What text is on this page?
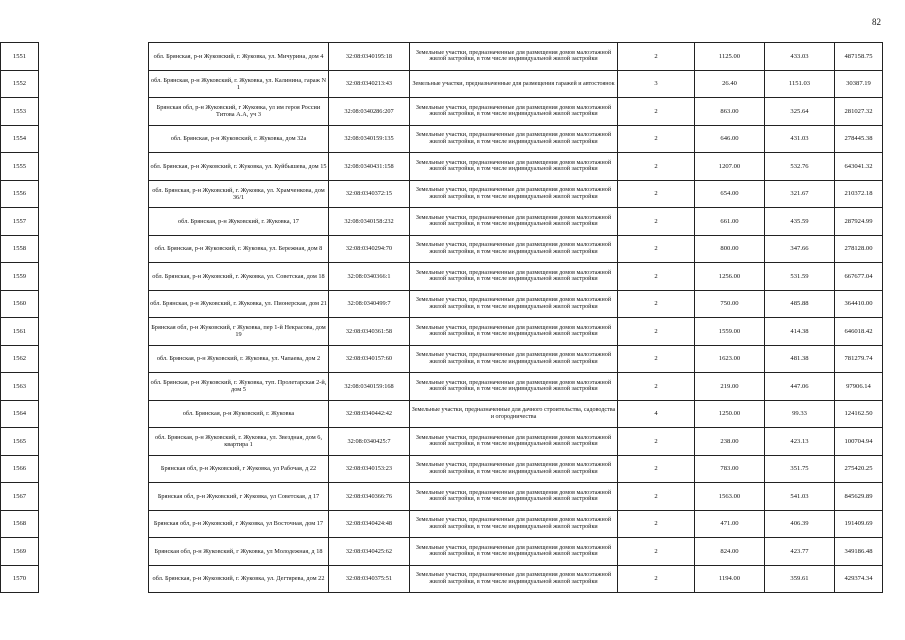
82
1551		обл. Брянская, р-н Жуковский, г. Жуковка, ул. Мичурина, дом 4	32:08:0340195:18	Земельные участки, предназначенные для размещения домов малоэтажной жилой застройки, в том числе индивидуальной жилой застройки	2	1125.00	433.03	487158.75
1552		обл. Брянская, р-н Жуковский, г. Жуковка, ул. Калинина, гараж N 1	32:08:0340213:43	Земельные участки, предназначенные для размещения гаражей и автостоянок	3	26.40	1151.03	30387.19
1553		Брянская обл, р-н Жуковский, г Жуковка, ул им героя России Титова А.А, уч 3	32:08:0340286:207	Земельные участки, предназначенные для размещения домов малоэтажной жилой застройки, в том числе индивидуальной жилой застройки	2	863.00	325.64	281027.32
1554		обл. Брянская, р-н Жуковский, г. Жуковка, дом 32а	32:08:0340159:135	Земельные участки, предназначенные для размещения домов малоэтажной жилой застройки, в том числе индивидуальной жилой застройки	2	646.00	431.03	278445.38
1555		обл. Брянская, р-н Жуковский, г. Жуковка, ул. Куйбышева, дом 15	32:08:0340431:158	Земельные участки, предназначенные для размещения домов малоэтажной жилой застройки, в том числе индивидуальной жилой застройки	2	1207.00	532.76	643041.32
1556		обл. Брянская, р-н Жуковский, г. Жуковка, ул. Храмченкова, дом 36/1	32:08:0340372:15	Земельные участки, предназначенные для размещения домов малоэтажной жилой застройки, в том числе индивидуальной жилой застройки	2	654.00	321.67	210372.18
1557		обл. Брянская, р-н Жуковский, г. Жуковка, 17	32:08:0340158:232	Земельные участки, предназначенные для размещения домов малоэтажной жилой застройки, в том числе индивидуальной жилой застройки	2	661.00	435.59	287924.99
1558		обл. Брянская, р-н Жуковский, г. Жуковка, ул. Бережная, дом 8	32:08:0340294:70	Земельные участки, предназначенные для размещения домов малоэтажной жилой застройки, в том числе индивидуальной жилой застройки	2	800.00	347.66	278128.00
1559		обл. Брянская, р-н Жуковский, г. Жуковка, ул. Советская, дом 18	32:08:0340366:1	Земельные участки, предназначенные для размещения домов малоэтажной жилой застройки, в том числе индивидуальной жилой застройки	2	1256.00	531.59	667677.04
1560		обл. Брянская, р-н Жуковский, г. Жуковка, ул. Пионерская, дом 21	32:08:0340499:7	Земельные участки, предназначенные для размещения домов малоэтажной жилой застройки, в том числе индивидуальной жилой застройки	2	750.00	485.88	364410.00
1561		Брянская обл, р-н Жуковский, г Жуковка, пер 1-й Некрасова, дом 19	32:08:0340361:58	Земельные участки, предназначенные для размещения домов малоэтажной жилой застройки, в том числе индивидуальной жилой застройки	2	1559.00	414.38	646018.42
1562		обл. Брянская, р-н Жуковский, г. Жуковка, ул. Чапаева, дом 2	32:08:0340157:60	Земельные участки, предназначенные для размещения домов малоэтажной жилой застройки, в том числе индивидуальной жилой застройки	2	1623.00	481.38	781279.74
1563		обл. Брянская, р-н Жуковский, г. Жуковка, туп. Пролетарская 2-й, дом 5	32:08:0340159:168	Земельные участки, предназначенные для размещения домов малоэтажной жилой застройки, в том числе индивидуальной жилой застройки	2	219.00	447.06	97906.14
1564		обл. Брянская, р-н Жуковский, г. Жуковка	32:08:0340442:42	Земельные участки, предназначенные для дачного строительства, садоводства и огородничества	4	1250.00	99.33	124162.50
1565		обл. Брянская, р-н Жуковский, г. Жуковка, ул. Звездная, дом 6, квартира 1	32:08:0340425:7	Земельные участки, предназначенные для размещения домов малоэтажной жилой застройки, в том числе индивидуальной жилой застройки	2	238.00	423.13	100704.94
1566		Брянская обл, р-н Жуковский, г Жуковка, ул Рабочая, д 22	32:08:0340153:23	Земельные участки, предназначенные для размещения домов малоэтажной жилой застройки, в том числе индивидуальной жилой застройки	2	783.00	351.75	275420.25
1567		Брянская обл, р-н Жуковский, г Жуковка, ул Советская, д 17	32:08:0340366:76	Земельные участки, предназначенные для размещения домов малоэтажной жилой застройки, в том числе индивидуальной жилой застройки	2	1563.00	541.03	845629.89
1568		Брянская обл, р-н Жуковский, г Жуковка, ул Восточная, дом 17	32:08:0340424:48	Земельные участки, предназначенные для размещения домов малоэтажной жилой застройки, в том числе индивидуальной жилой застройки	2	471.00	406.39	191409.69
1569		Брянская обл, р-н Жуковский, г Жуковка, ул Молодежная, д 18	32:08:0340425:62	Земельные участки, предназначенные для размещения домов малоэтажной жилой застройки, в том числе индивидуальной жилой застройки	2	824.00	423.77	349186.48
1570		обл. Брянская, р-н Жуковский, г. Жуковка, ул. Дегтярева, дом 22	32:08:0340375:51	Земельные участки, предназначенные для размещения домов малоэтажной жилой застройки, в том числе индивидуальной жилой застройки	2	1194.00	359.61	429374.34
